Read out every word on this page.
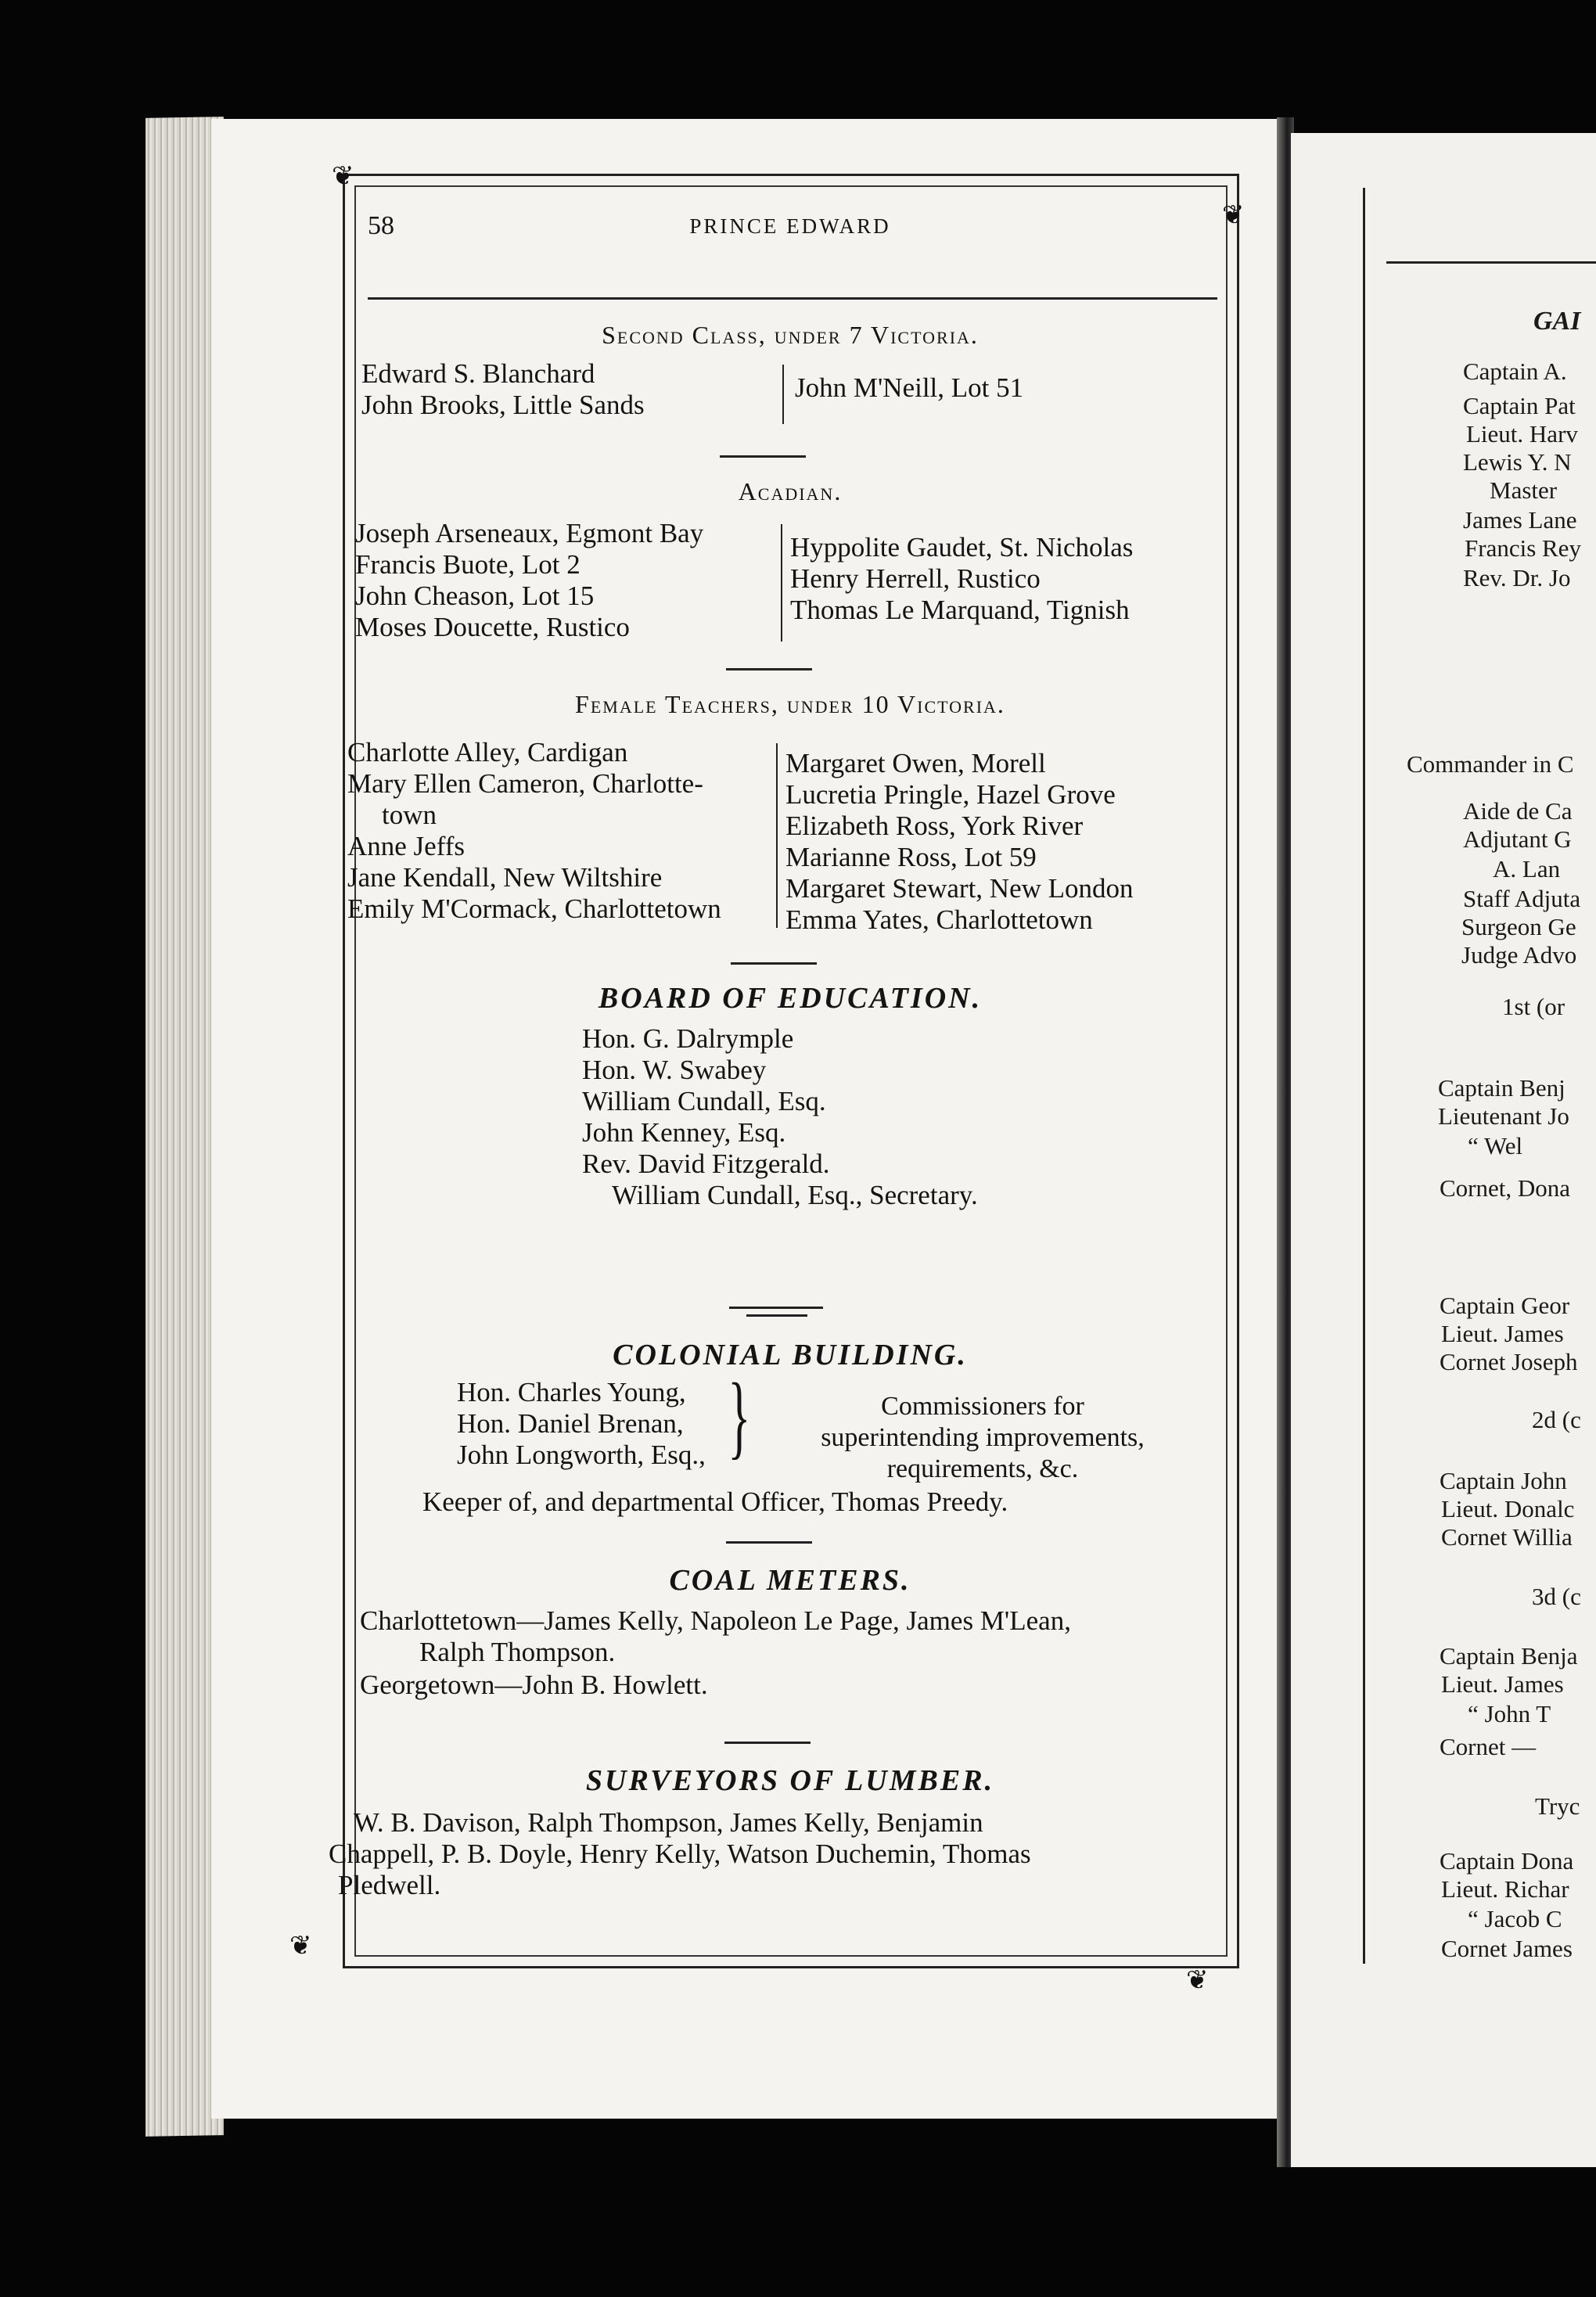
❦
❦
❦
❦
58	PRINCE EDWARD
Second Class, under 7 Victoria.
Edward S. Blanchard
John Brooks, Little Sands
John M'Neill, Lot 51
Acadian.
Joseph Arseneaux, Egmont Bay
Francis Buote, Lot 2
John Cheason, Lot 15
Moses Doucette, Rustico
Hyppolite Gaudet, St. Nicholas
Henry Herrell, Rustico
Thomas Le Marquand, Tignish
Female Teachers, under 10 Victoria.
Charlotte Alley, Cardigan
Mary Ellen Cameron, Charlotte-
town
Anne Jeffs
Jane Kendall, New Wiltshire
Emily M'Cormack, Charlottetown
Margaret Owen, Morell
Lucretia Pringle, Hazel Grove
Elizabeth Ross, York River
Marianne Ross, Lot 59
Margaret Stewart, New London
Emma Yates, Charlottetown
BOARD OF EDUCATION.
Hon. G. Dalrymple
Hon. W. Swabey
William Cundall, Esq.
John Kenney, Esq.
Rev. David Fitzgerald.
William Cundall, Esq., Secretary.
COLONIAL BUILDING.
Hon. Charles Young,
Hon. Daniel Brenan,
John Longworth, Esq., }	Commissioners for
superintending improvements,
requirements, &c.
Keeper of, and departmental Officer, Thomas Preedy.
COAL METERS.
Charlottetown—James Kelly, Napoleon Le Page, James M'Lean,
Ralph Thompson.
Georgetown—John B. Howlett.
SURVEYORS OF LUMBER.
W. B. Davison, Ralph Thompson, James Kelly, Benjamin
Chappell, P. B. Doyle, Henry Kelly, Watson Duchemin, Thomas
Pledwell.
GAI
Captain A.
Captain Pat
Lieut. Harv
Lewis Y. N
Master
James Lane
Francis Rey
Rev. Dr. Jo
Commander in C
Aide de Ca
Adjutant G
A. Lan
Staff Adjuta
Surgeon Ge
Judge Advo
1st (or
Captain Benj
Lieutenant Jo
“ Wel
Cornet, Dona
Captain Geor
Lieut. James
Cornet Joseph
2d (c
Captain John
Lieut. Donalc
Cornet Willia
3d (c
Captain Benja
Lieut. James
“ John T
Cornet —
Tryc
Captain Dona
Lieut. Richar
“ Jacob C
Cornet James
